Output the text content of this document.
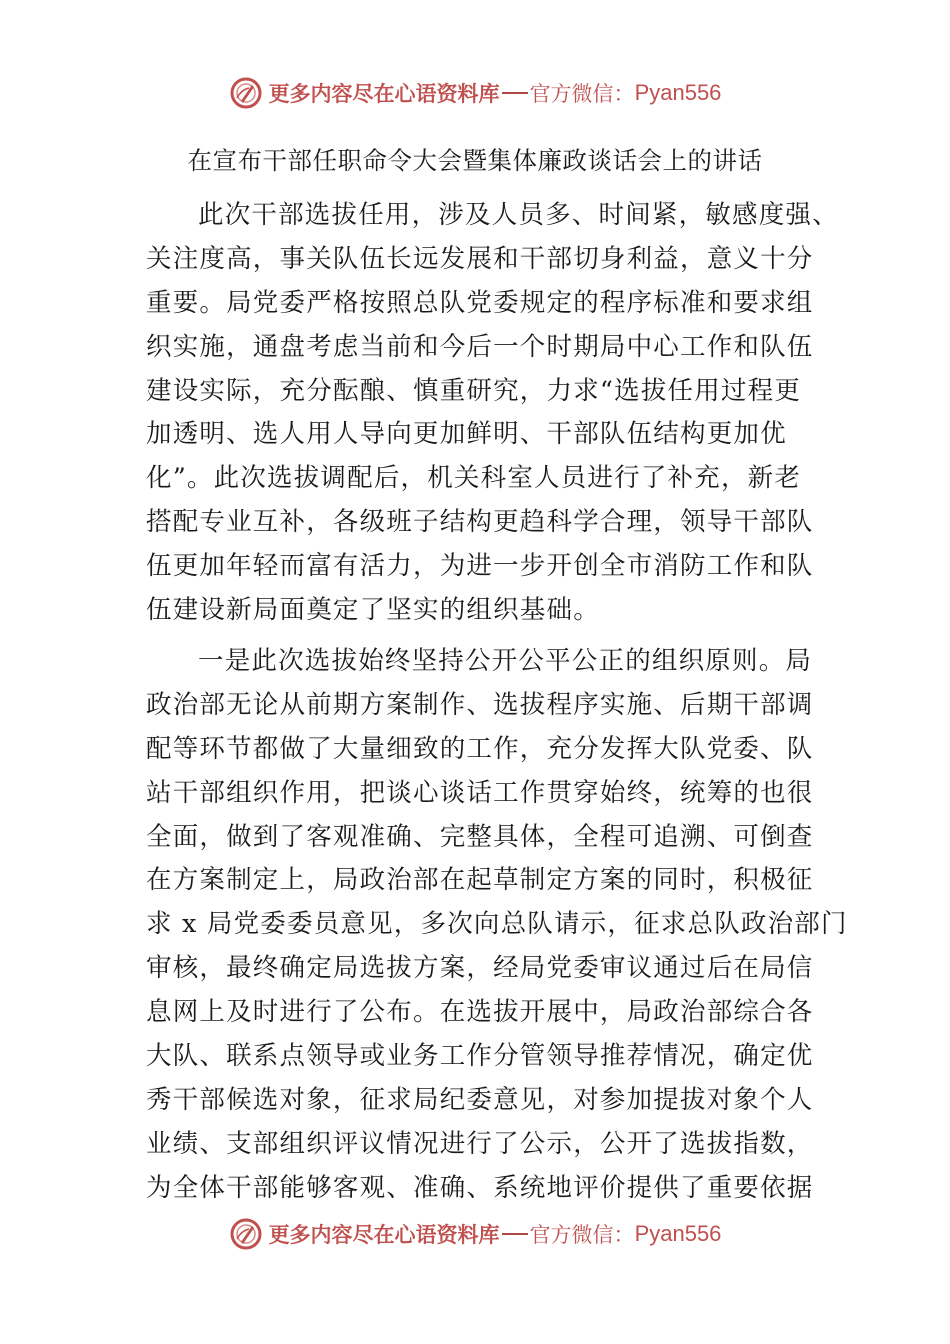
更多内容尽在心语资料库 官方微信： Pyan556
在宣布干部任职命令大会暨集体廉政谈话会上的讲话
此次干部选拔任用，涉及人员多、时间紧，敏感度强、
关注度高，事关队伍长远发展和干部切身利益，意义十分
重要。局党委严格按照总队党委规定的程序标准和要求组
织实施，通盘考虑当前和今后一个时期局中心工作和队伍
建设实际，充分酝酿、慎重研究，力求“选拔任用过程更
加透明、选人用人导向更加鲜明、干部队伍结构更加优
化”。此次选拔调配后，机关科室人员进行了补充，新老
搭配专业互补，各级班子结构更趋科学合理，领导干部队
伍更加年轻而富有活力，为进一步开创全市消防工作和队
伍建设新局面奠定了坚实的组织基础。
一是此次选拔始终坚持公开公平公正的组织原则。局
政治部无论从前期方案制作、选拔程序实施、后期干部调
配等环节都做了大量细致的工作，充分发挥大队党委、队
站干部组织作用，把谈心谈话工作贯穿始终，统筹的也很
全面，做到了客观准确、完整具体，全程可追溯、可倒查
在方案制定上，局政治部在起草制定方案的同时，积极征
求 x 局党委委员意见，多次向总队请示，征求总队政治部门
审核，最终确定局选拔方案，经局党委审议通过后在局信
息网上及时进行了公布。在选拔开展中，局政治部综合各
大队、联系点领导或业务工作分管领导推荐情况，确定优
秀干部候选对象，征求局纪委意见，对参加提拔对象个人
业绩、支部组织评议情况进行了公示，公开了选拔指数，
为全体干部能够客观、准确、系统地评价提供了重要依据
更多内容尽在心语资料库 官方微信： Pyan556
